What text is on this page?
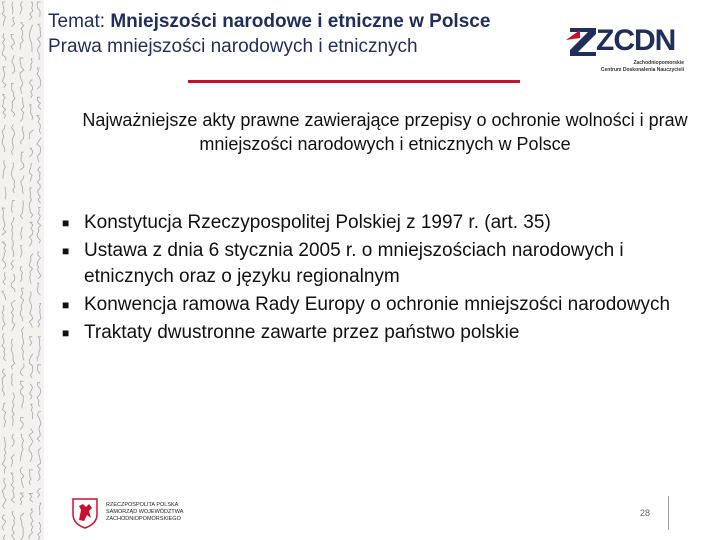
Temat: Mniejszości narodowe i etniczne w Polsce
Prawa mniejszości narodowych i etnicznych	ZCDN
Zachodniopomorskie
Centrum Doskonalenia Nauczycieli
Najważniejsze akty prawne zawierające przepisy o ochronie wolności i praw mniejszości narodowych i etnicznych w Polsce
■ Konstytucja Rzeczypospolitej Polskiej z 1997 r. (art. 35)
■ Ustawa z dnia 6 stycznia 2005 r. o mniejszościach narodowych i etnicznych oraz o języku regionalnym
■ Konwencja ramowa Rady Europy o ochronie mniejszości narodowych
■ Traktaty dwustronne zawarte przez państwo polskie
RZECZPOSPOLITA POLSKA
SAMORZĄD WOJEWÓDZTWA
ZACHODNIOPOMORSKIEGO
28
